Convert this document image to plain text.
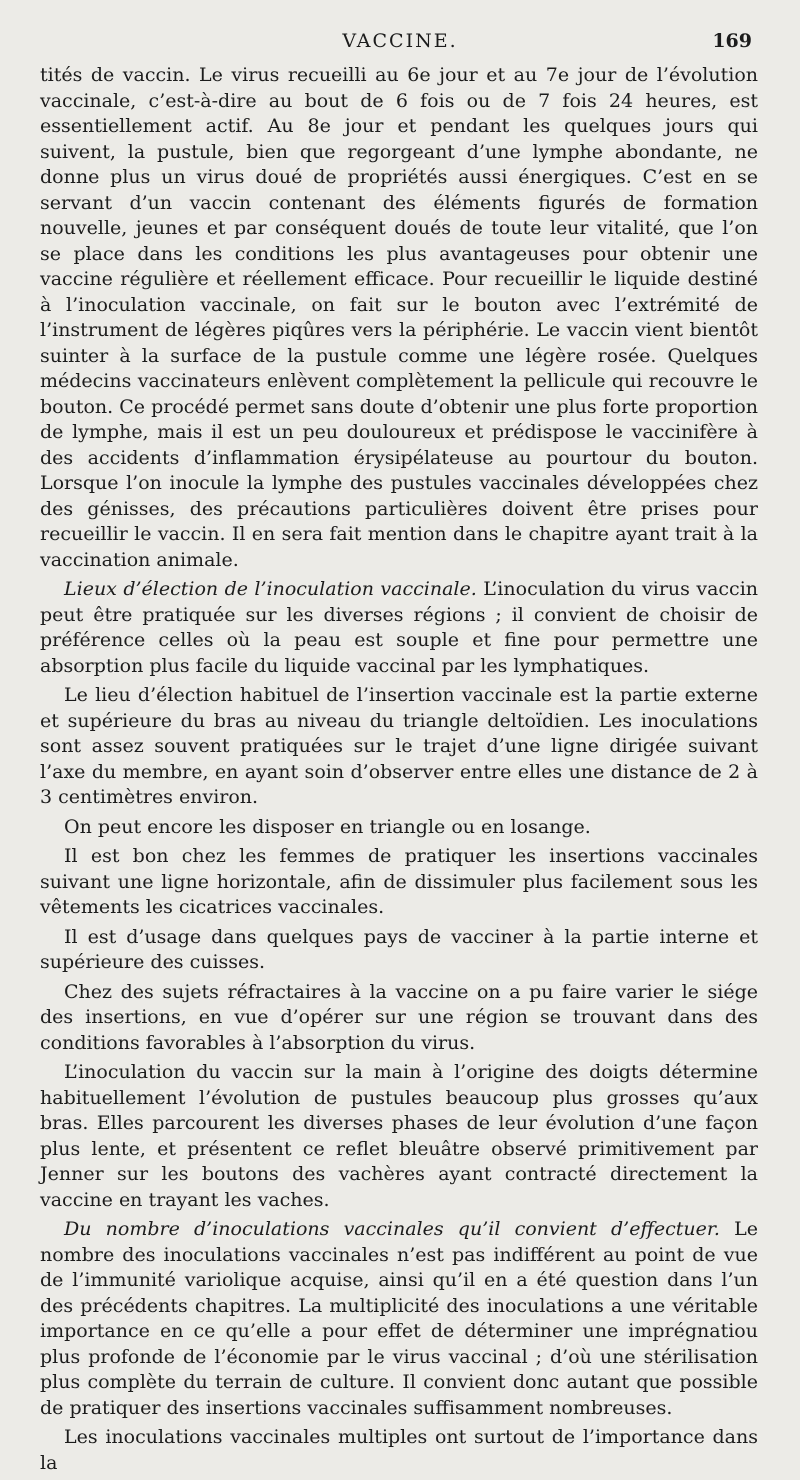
VACCINE.	169

tités de vaccin. Le virus recueilli au 6e jour et au 7e jour de l’évolution vaccinale, c’est-à-dire au bout de 6 fois ou de 7 fois 24 heures, est essentiellement actif. Au 8e jour et pendant les quelques jours qui suivent, la pustule, bien que regorgeant d’une lymphe abondante, ne donne plus un virus doué de propriétés aussi énergiques. C’est en se servant d’un vaccin contenant des éléments figurés de formation nouvelle, jeunes et par conséquent doués de toute leur vitalité, que l’on se place dans les conditions les plus avantageuses pour obtenir une vaccine régulière et réellement efficace. Pour recueillir le liquide destiné à l’inoculation vaccinale, on fait sur le bouton avec l’extrémité de l’instrument de légères piqûres vers la périphérie. Le vaccin vient bientôt suinter à la surface de la pustule comme une légère rosée. Quelques médecins vaccinateurs enlèvent complètement la pellicule qui recouvre le bouton. Ce procédé permet sans doute d’obtenir une plus forte proportion de lymphe, mais il est un peu douloureux et prédispose le vaccinifère à des accidents d’inflammation érysipélateuse au pourtour du bouton. Lorsque l’on inocule la lymphe des pustules vaccinales développées chez des génisses, des précautions particulières doivent être prises pour recueillir le vaccin. Il en sera fait mention dans le chapitre ayant trait à la vaccination animale.

Lieux d’élection de l’inoculation vaccinale. L’inoculation du virus vaccin peut être pratiquée sur les diverses régions ; il convient de choisir de préférence celles où la peau est souple et fine pour permettre une absorption plus facile du liquide vaccinal par les lymphatiques.

Le lieu d’élection habituel de l’insertion vaccinale est la partie externe et supérieure du bras au niveau du triangle deltoïdien. Les inoculations sont assez souvent pratiquées sur le trajet d’une ligne dirigée suivant l’axe du membre, en ayant soin d’observer entre elles une distance de 2 à 3 centimètres environ.

On peut encore les disposer en triangle ou en losange.

Il est bon chez les femmes de pratiquer les insertions vaccinales suivant une ligne horizontale, afin de dissimuler plus facilement sous les vêtements les cicatrices vaccinales.

Il est d’usage dans quelques pays de vacciner à la partie interne et supérieure des cuisses.

Chez des sujets réfractaires à la vaccine on a pu faire varier le siége des insertions, en vue d’opérer sur une région se trouvant dans des conditions favorables à l’absorption du virus.

L’inoculation du vaccin sur la main à l’origine des doigts détermine habituellement l’évolution de pustules beaucoup plus grosses qu’aux bras. Elles parcourent les diverses phases de leur évolution d’une façon plus lente, et présentent ce reflet bleuâtre observé primitivement par Jenner sur les boutons des vachères ayant contracté directement la vaccine en trayant les vaches.

Du nombre d’inoculations vaccinales qu’il convient d’effectuer. Le nombre des inoculations vaccinales n’est pas indifférent au point de vue de l’immunité variolique acquise, ainsi qu’il en a été question dans l’un des précédents chapitres. La multiplicité des inoculations a une véritable importance en ce qu’elle a pour effet de déterminer une imprégnatiou plus profonde de l’économie par le virus vaccinal ; d’où une stérilisation plus complète du terrain de culture. Il convient donc autant que possible de pratiquer des insertions vaccinales suffisamment nombreuses.

Les inoculations vaccinales multiples ont surtout de l’importance dans la
